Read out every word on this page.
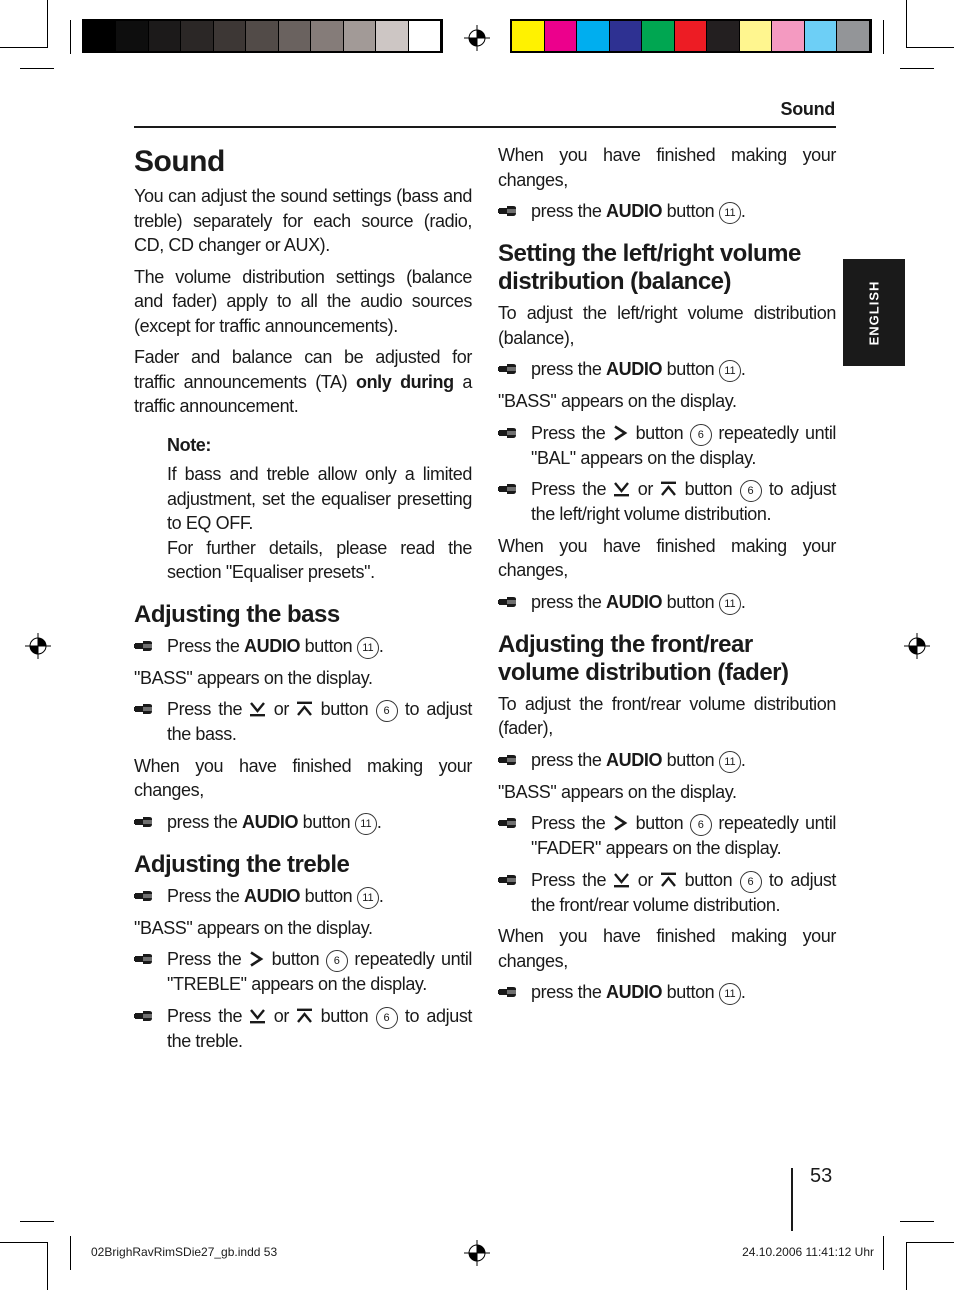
Sound
ENGLISH
Sound

You can adjust the sound settings (bass and treble) separately for each source (radio, CD, CD changer or AUX).

The volume distribution settings (balance and fader) apply to all the audio sources (except for traffic announcements).

Fader and balance can be adjusted for traffic announcements (TA) only during a traffic announcement.

Note:

If bass and treble allow only a limited adjustment, set the equaliser presetting to EQ OFF.

For further details, please read the section "Equaliser presets".

Adjusting the bass
Press the AUDIO button 11 .

"BASS" appears on the display.

Press the or button 6 to adjust the bass.

When you have finished making your changes,

press the AUDIO button 11 .
Adjusting the treble
Press the AUDIO button 11 .

"BASS" appears on the display.

Press the button 6 repeatedly until "TREBLE" appears on the display.
Press the or button 6 to adjust the treble.

When you have finished making your changes,

press the AUDIO button 11 .
Setting the left/right volume distribution (balance)

To adjust the left/right volume distribution (balance),

press the AUDIO button 11 .

"BASS" appears on the display.

Press the button 6 repeatedly until "BAL" appears on the display.
Press the or button 6 to adjust the left/right volume distribution.

When you have finished making your changes,

press the AUDIO button 11 .
Adjusting the front/rear volume distribution (fader)

To adjust the front/rear volume distribution (fader),

press the AUDIO button 11 .

"BASS" appears on the display.

Press the button 6 repeatedly until "FADER" appears on the display.
Press the or button 6 to adjust the front/rear volume distribution.

When you have finished making your changes,

press the AUDIO button 11 .
53
02BrighRavRimSDie27_gb.indd 53	24.10.2006 11:41:12 Uhr
